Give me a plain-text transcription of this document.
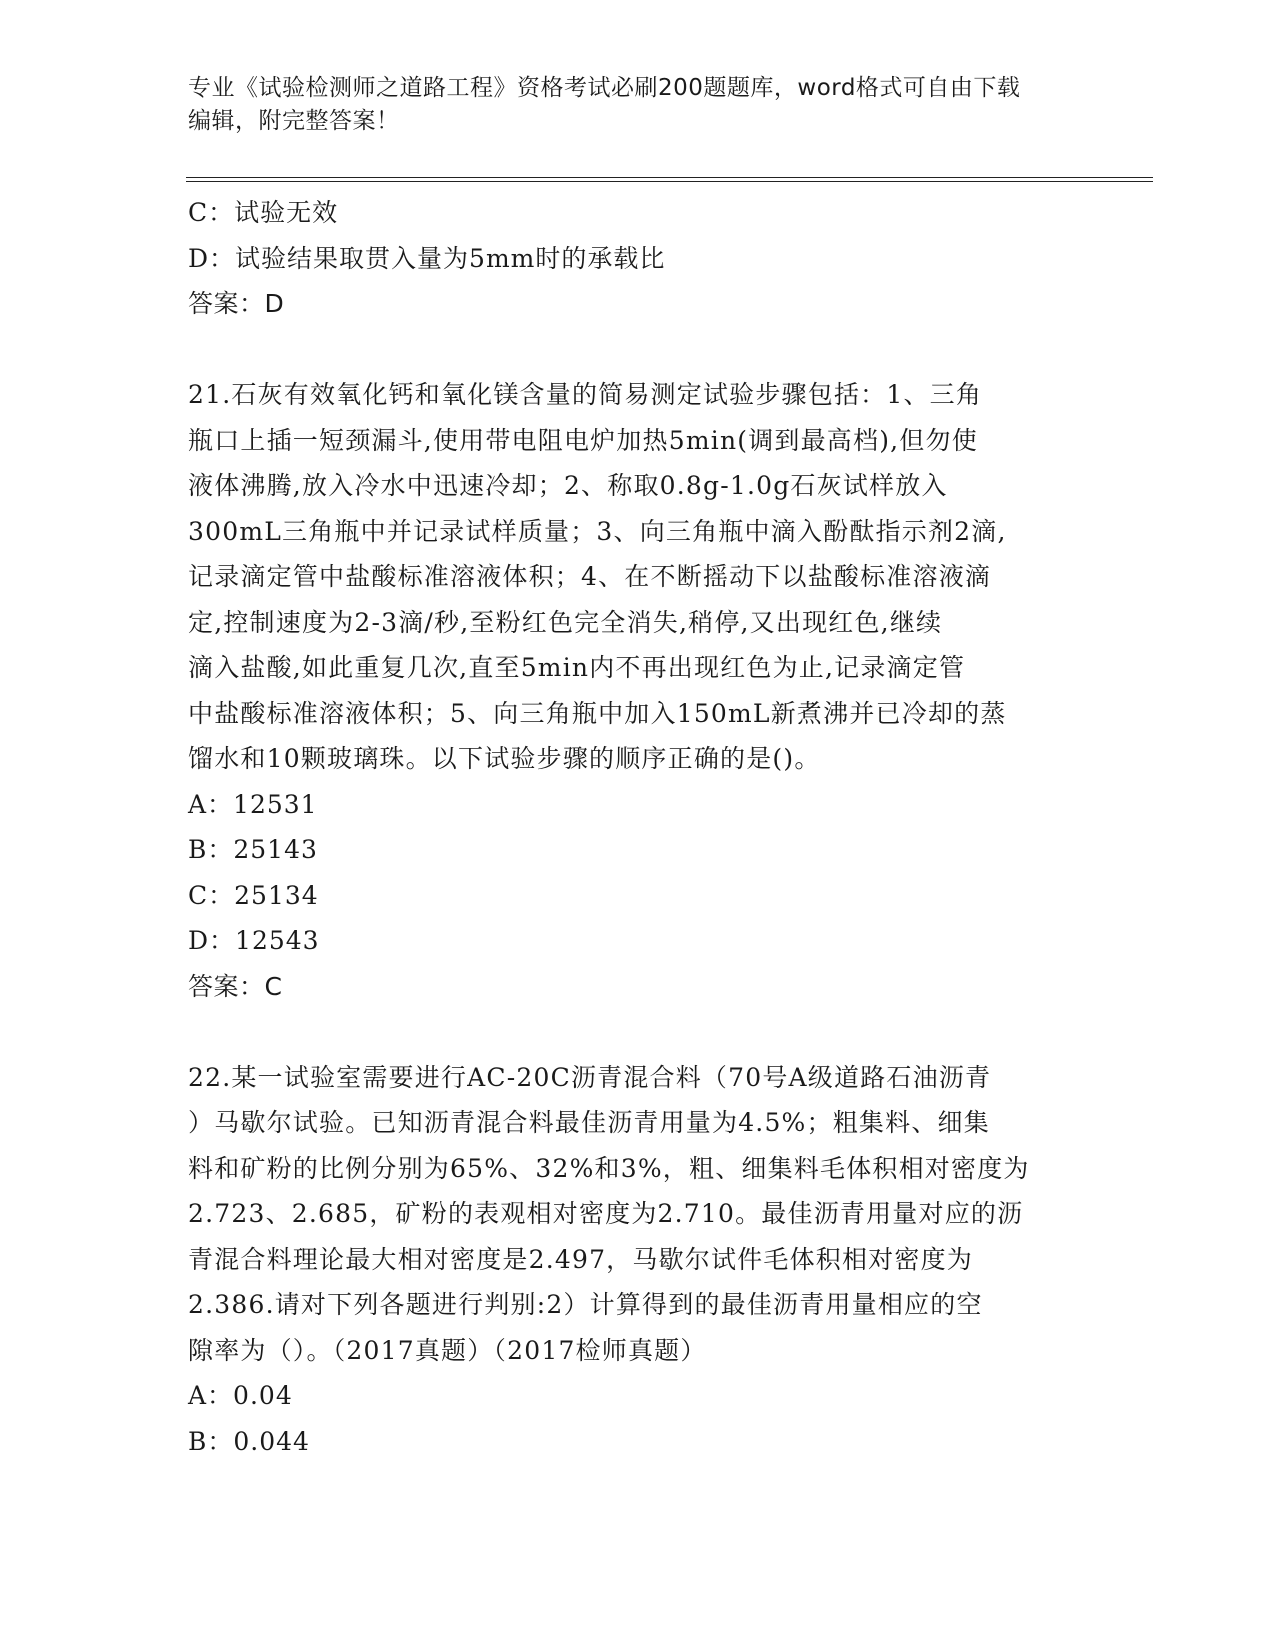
专业《试验检测师之道路工程》资格考试必刷200题题库，word格式可自由下载
编辑，附完整答案！
C：试验无效
D：试验结果取贯入量为5mm时的承载比
答案：D
21.石灰有效氧化钙和氧化镁含量的简易测定试验步骤包括：1、三角
瓶口上插一短颈漏斗,使用带电阻电炉加热5min(调到最高档),但勿使
液体沸腾,放入冷水中迅速冷却；2、称取0.8g-1.0g石灰试样放入
300mL三角瓶中并记录试样质量；3、向三角瓶中滴入酚酞指示剂2滴,
记录滴定管中盐酸标准溶液体积；4、在不断摇动下以盐酸标准溶液滴
定,控制速度为2-3滴/秒,至粉红色完全消失,稍停,又出现红色,继续
滴入盐酸,如此重复几次,直至5min内不再出现红色为止,记录滴定管
中盐酸标准溶液体积；5、向三角瓶中加入150mL新煮沸并已冷却的蒸
馏水和10颗玻璃珠。以下试验步骤的顺序正确的是()。
A：12531
B：25143
C：25134
D：12543
答案：C
22.某一试验室需要进行AC-20C沥青混合料（70号A级道路石油沥青
）马歇尔试验。已知沥青混合料最佳沥青用量为4.5%；粗集料、细集
料和矿粉的比例分别为65%、32%和3%，粗、细集料毛体积相对密度为
2.723、2.685，矿粉的表观相对密度为2.710。最佳沥青用量对应的沥
青混合料理论最大相对密度是2.497，马歇尔试件毛体积相对密度为
2.386.请对下列各题进行判别:2）计算得到的最佳沥青用量相应的空
隙率为（）。（2017真题）（2017检师真题）
A：0.04
B：0.044
